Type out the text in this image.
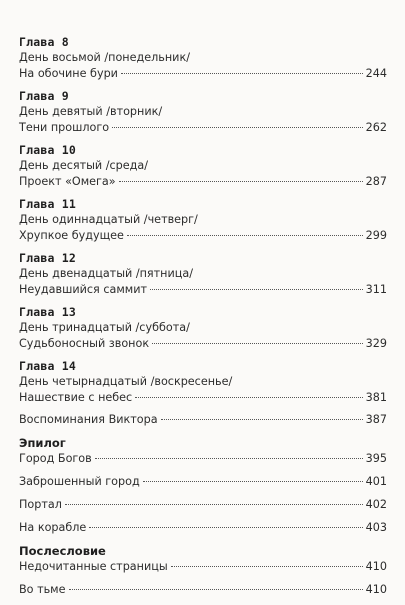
Глава 8
День восьмой /понедельник/
На обочине бури	244
Глава 9
День девятый /вторник/
Тени прошлого	262
Глава 10
День десятый /среда/
Проект «Омега»	287
Глава 11
День одиннадцатый /четверг/
Хрупкое будущее	299
Глава 12
День двенадцатый /пятница/
Неудавшийся саммит	311
Глава 13
День тринадцатый /суббота/
Судьбоносный звонок	329
Глава 14
День четырнадцатый /воскресенье/
Нашествие с небес	381
Воспоминания Виктора	387
Эпилог
Город Богов	395
Заброшенный город	401
Портал	402
На корабле	403
Послесловие
Недочитанные страницы	410
Во тьме	410
